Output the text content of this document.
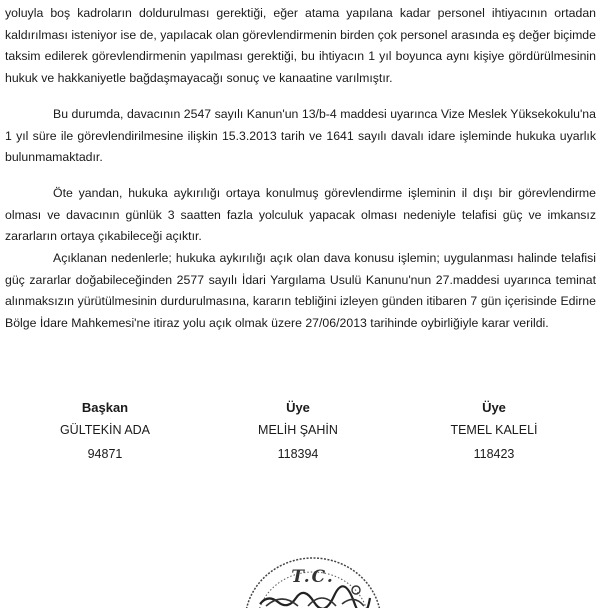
yoluyla boş kadroların doldurulması gerektiği, eğer atama yapılana kadar personel ihtiyacının ortadan kaldırılması isteniyor ise de, yapılacak olan görevlendirmenin birden çok personel arasında eş değer biçimde taksim edilerek görevlendirmenin yapılması gerektiği, bu ihtiyacın 1 yıl boyunca aynı kişiye gördürülmesinin hukuk ve hakkaniyetle bağdaşmayacağı sonuç ve kanaatine varılmıştır.

Bu durumda, davacının 2547 sayılı Kanun'un 13/b-4 maddesi uyarınca Vize Meslek Yüksekokulu'na 1 yıl süre ile görevlendirilmesine ilişkin 15.3.2013 tarih ve 1641 sayılı davalı idare işleminde hukuka uyarlık bulunmamaktadır.

Öte yandan, hukuka aykırılığı ortaya konulmuş görevlendirme işleminin il dışı bir görevlendirme olması ve davacının günlük 3 saatten fazla yolculuk yapacak olması nedeniyle telafisi güç ve imkansız zararların ortaya çıkabileceği açıktır.

Açıklanan nedenlerle; hukuka aykırılığı açık olan dava konusu işlemin; uygulanması halinde telafisi güç zararlar doğabileceğinden 2577 sayılı İdari Yargılama Usulü Kanunu'nun 27.maddesi uyarınca teminat alınmaksızın yürütülmesinin durdurulmasına, kararın tebliğini izleyen günden itibaren 7 gün içerisinde Edirne Bölge İdare Mahkemesi'ne itiraz yolu açık olmak üzere 27/06/2013 tarihinde oybirliğiyle karar verildi.

Başkan
GÜLTEKİN ADA
94871
Üye
MELİH ŞAHİN
118394
Üye
TEMEL KALELİ
118423
T.C.
